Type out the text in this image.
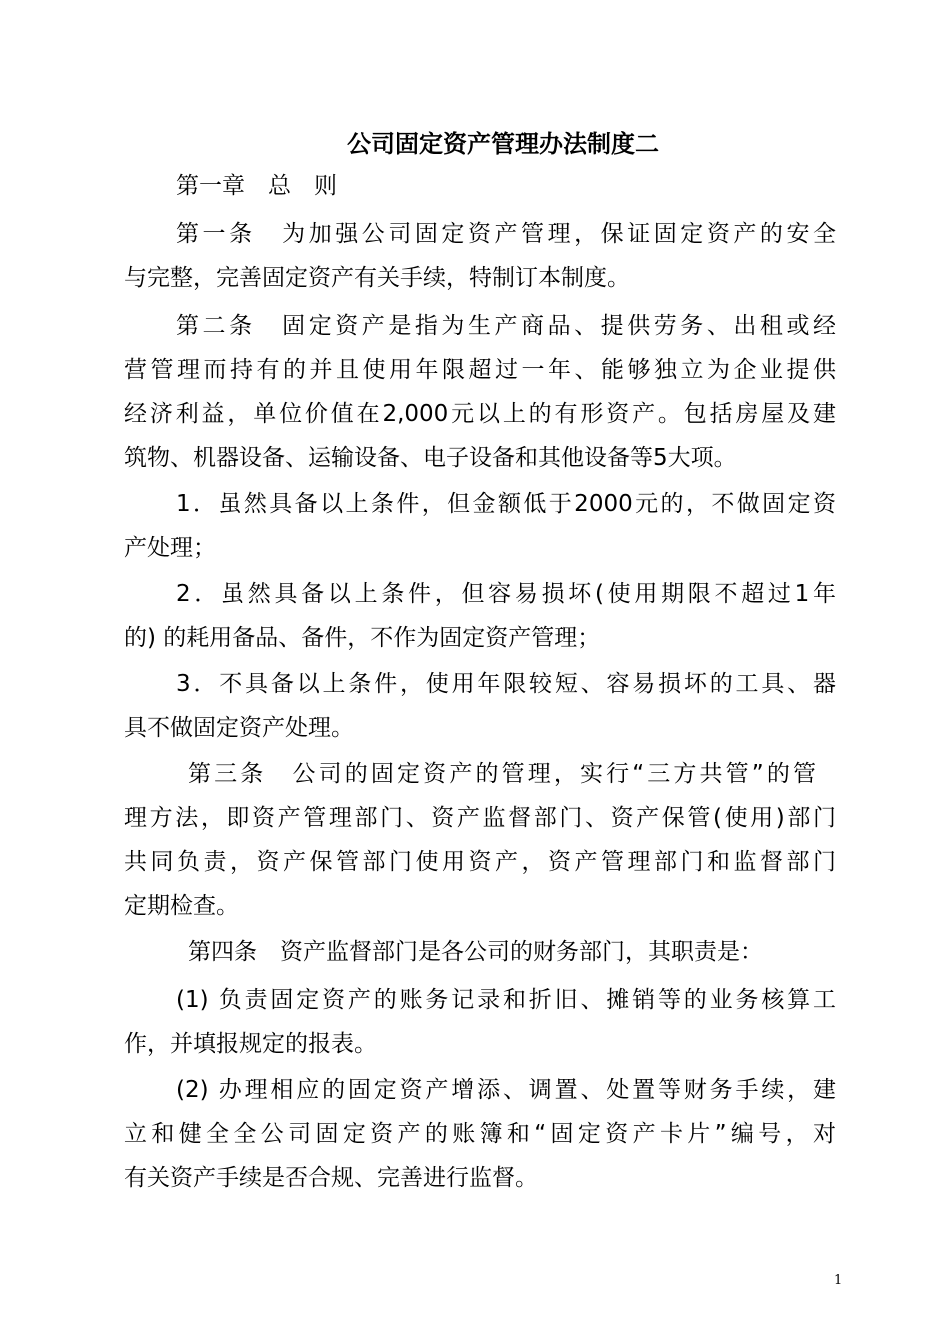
公司固定资产管理办法制度二
第一章　总　则
第一条　为加强公司固定资产管理，保证固定资产的安全
与完整，完善固定资产有关手续，特制订本制度。
第二条　固定资产是指为生产商品、提供劳务、出租或经
营管理而持有的并且使用年限超过一年、能够独立为企业提供
经济利益，单位价值在2,000元以上的有形资产。包括房屋及建
筑物、机器设备、运输设备、电子设备和其他设备等5大项。
1．虽然具备以上条件，但金额低于2000元的，不做固定资
产处理；
2．虽然具备以上条件，但容易损坏(使用期限不超过1年
的) 的耗用备品、备件，不作为固定资产管理；
3．不具备以上条件，使用年限较短、容易损坏的工具、器
具不做固定资产处理。
第三条　公司的固定资产的管理，实行“三方共管”的管
理方法，即资产管理部门、资产监督部门、资产保管(使用)部门
共同负责，资产保管部门使用资产，资产管理部门和监督部门
定期检查。
第四条　资产监督部门是各公司的财务部门，其职责是：
(1) 负责固定资产的账务记录和折旧、摊销等的业务核算工
作，并填报规定的报表。
(2) 办理相应的固定资产增添、调置、处置等财务手续，建
立和健全全公司固定资产的账簿和“固定资产卡片”编号，对
有关资产手续是否合规、完善进行监督。
1
